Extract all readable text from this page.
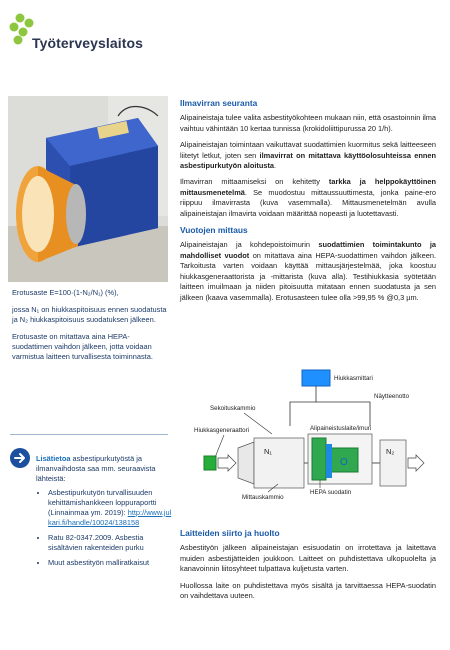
Työterveyslaitos

Erotusaste E=100·(1-N₂/N₁) (%),

jossa N₁ on hiukkaspitoisuus ennen suodatusta ja N₂ hiukkaspitoisuus suodatuksen jälkeen.

Erotusaste on mitattava aina HEPA-suodattimen vaihdon jälkeen, jotta voidaan varmistua laitteen turvallisesta toiminnasta.

Lisätietoa asbestipurkutyöstä ja ilmanvaihdosta saa mm. seuraavista lähteistä:
• Asbestipurkutyön turvallisuuden kehittämishankkeen loppuraportti (Linnainmaa ym. 2019): http://www.julkari.fi/handle/10024/138158
• Ratu 82-0347.2009. Asbestia sisältävien rakenteiden purku
• Muut asbestityön malliratkaisut
Ilmavirran seuranta

Alipaineistaja tulee valita asbestityökohteen mukaan niin, että osastoinnin ilma vaihtuu vähintään 10 kertaa tunnissa (krokidoliittipurussa 20 1/h).

Alipaineistajan toimintaan vaikuttavat suodattimien kuormitus sekä laitteeseen liitetyt letkut, joten sen ilmavirrat on mitattava käyttöolosuhteissa ennen asbestipurkutyön aloitusta.

Ilmavirran mittaamiseksi on kehitetty tarkka ja helppokäyttöinen mittausmenetelmä. Se muodostuu mittaussuuttimesta, jonka paine-ero riippuu ilmavirrasta (kuva vasemmalla). Mittausmenetelmän avulla alipaineistajan ilmavirta voidaan määrittää nopeasti ja luotettavasti.

Vuotojen mittaus

Alipaineistajan ja kohdepoistoimurin suodattimien toimintakunto ja mahdolliset vuodot on mitattava aina HEPA-suodattimen vaihdon jälkeen. Tarkoitusta varten voidaan käyttää mittausjärjestelmää, joka koostuu hiukkasgeneraattorista ja -mittarista (kuva alla). Testihiukkasia syötetään laitteen imuilmaan ja niiden pitoisuutta mitataan ennen suodatusta ja sen jälkeen (kaava vasemmalla). Erotusasteen tulee olla >99,95 % @0,3 µm.

Hiukkasmittari
Näytteenotto
Sekoituskammio
Hiukkasgeneraattori
N₁
Alipaineistuslaite/imuri
O
N₂
HEPA suodatin
Mittauskammio
Laitteiden siirto ja huolto

Asbestityön jälkeen alipaineistajan esisuodatin on irrotettava ja laitettava muiden asbestijätteiden joukkoon. Laitteet on puhdistettava ulkopuolelta ja kanavoinnin liitosyhteet tulpattava kuljetusta varten.

Huollossa laite on puhdistettava myös sisältä ja tarvittaessa HEPA-suodatin on vaihdettava uuteen.
